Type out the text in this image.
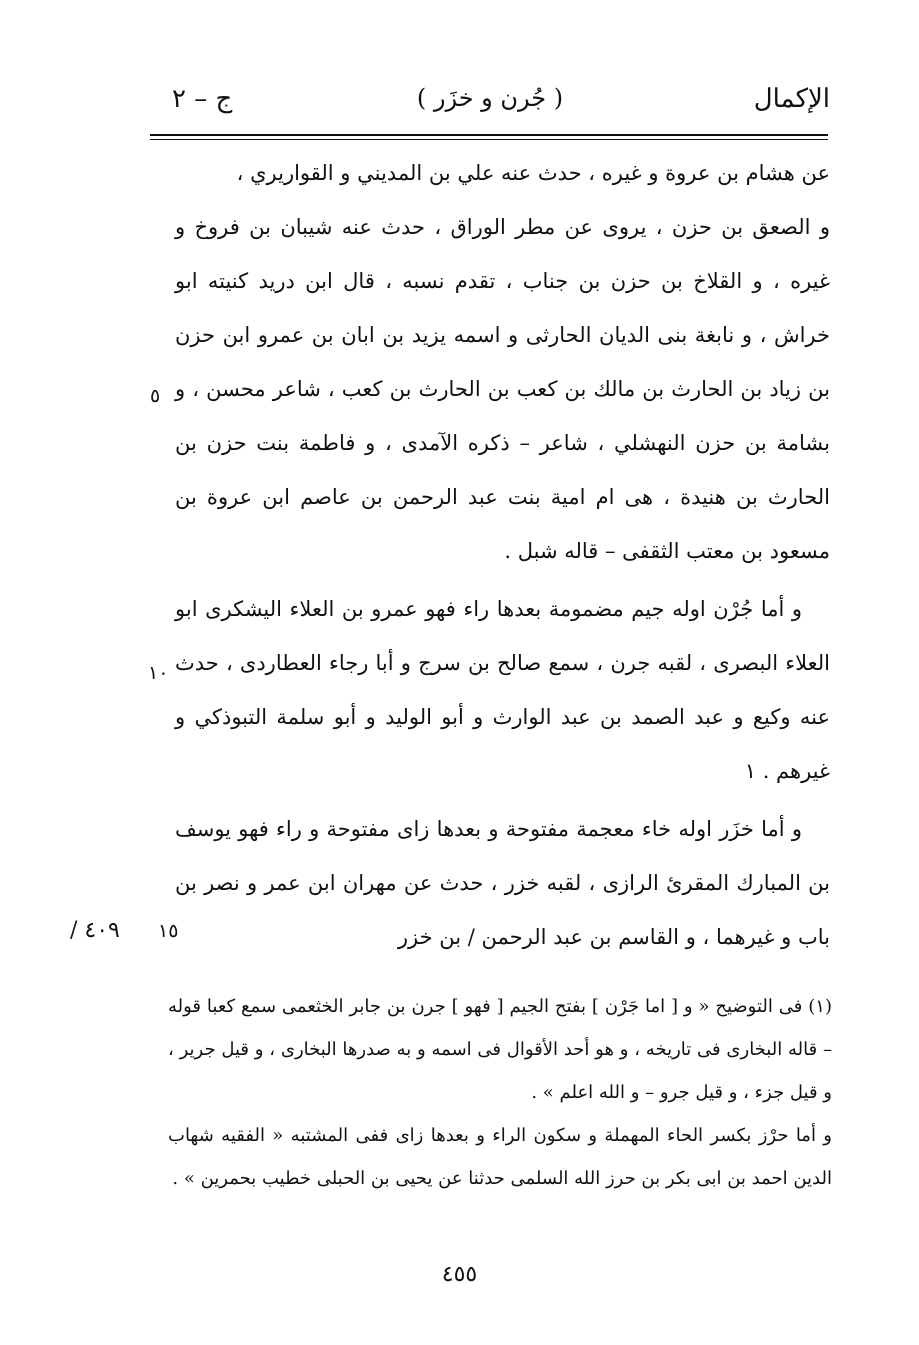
الإكمال
( جُرن و خزَر )
ج – ٢

عن هشام بن عروة و غيره ، حدث عنه علي بن المديني و القواريري ،

و الصعق بن حزن ، يروى عن مطر الوراق ، حدث عنه شيبان بن فروخ و غيره ، و القلاخ بن حزن بن جناب ، تقدم نسبه ، قال ابن دريد كنيته ابو خراش ، و نابغة بنى الديان الحارثى و اسمه يزيد بن ابان بن عمرو ابن حزن بن زياد بن الحارث بن مالك بن كعب بن الحارث بن كعب ، شاعر محسن ، و بشامة بن حزن النهشلي ، شاعر – ذكره الآمدى ، و فاطمة بنت حزن بن الحارث بن هنيدة ، هى ام امية بنت عبد الرحمن بن عاصم ابن عروة بن مسعود بن معتب الثقفى – قاله شبل .

و أما جُرْن اوله جيم مضمومة بعدها راء فهو عمرو بن العلاء اليشكرى ابو العلاء البصرى ، لقبه جرن ، سمع صالح بن سرج و أبا رجاء العطاردى ، حدث عنه وكيع و عبد الصمد بن عبد الوارث و أبو الوليد و أبو سلمة التبوذكي و غيرهم . ١

و أما خزَر اوله خاء معجمة مفتوحة و بعدها زاى مفتوحة و راء فهو يوسف بن المبارك المقرئ الرازى ، لقبه خزر ، حدث عن مهران ابن عمر و نصر بن باب و غيرهما ، و القاسم بن عبد الرحمن / بن خزر

٥
١٠
١٥
٤٠٩ /

(١) فى التوضيح « و [ اما جَرْن ] بفتح الجيم [ فهو ] جرن بن جابر الخثعمى سمع كعبا قوله – قاله البخارى فى تاريخه ، و هو أحد الأقوال فى اسمه و به صدرها البخارى ، و قيل جرير ، و قيل جزء ، و قيل جرو – و الله اعلم » .

و أما حرْز بكسر الحاء المهملة و سكون الراء و بعدها زاى ففى المشتبه « الفقيه شهاب الدين احمد بن ابى بكر بن حرز الله السلمى حدثنا عن يحيى بن الحبلى خطيب بحمرين » .

٤٥٥
